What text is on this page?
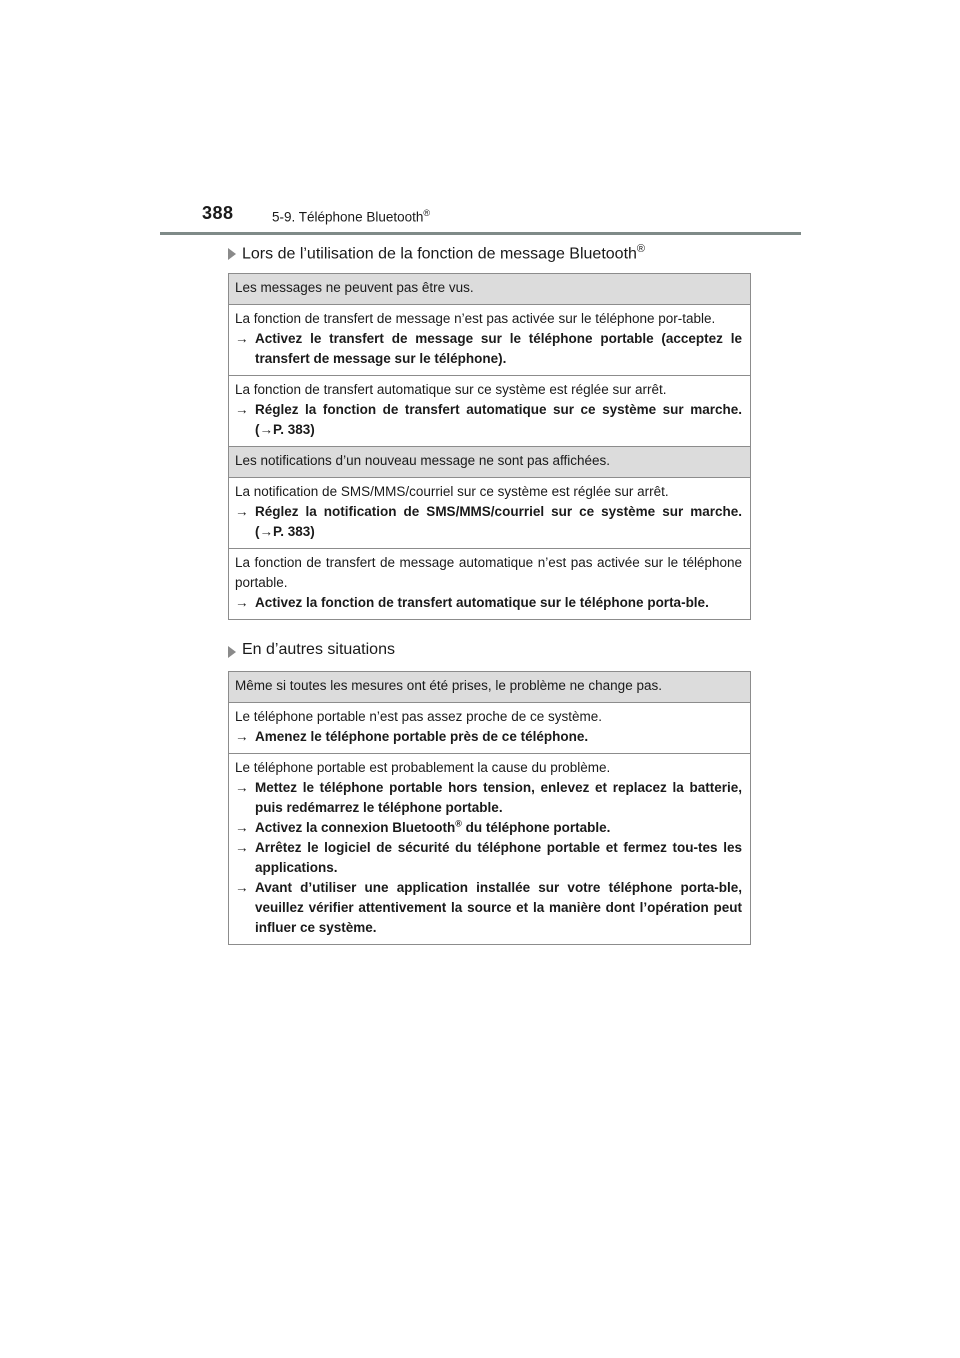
388	5-9. Téléphone Bluetooth®
Lors de l’utilisation de la fonction de message Bluetooth®
Les messages ne peuvent pas être vus.

La fonction de transfert de message n’est pas activée sur le téléphone por-table.
→ Activez le transfert de message sur le téléphone portable (acceptez le transfert de message sur le téléphone).

La fonction de transfert automatique sur ce système est réglée sur arrêt.
→ Réglez la fonction de transfert automatique sur ce système sur marche. (→P. 383)

Les notifications d’un nouveau message ne sont pas affichées.

La notification de SMS/MMS/courriel sur ce système est réglée sur arrêt.
→ Réglez la notification de SMS/MMS/courriel sur ce système sur marche. (→P. 383)

La fonction de transfert de message automatique n’est pas activée sur le téléphone portable.
→ Activez la fonction de transfert automatique sur le téléphone porta-ble.
En d’autres situations
Même si toutes les mesures ont été prises, le problème ne change pas.

Le téléphone portable n’est pas assez proche de ce système.
→ Amenez le téléphone portable près de ce téléphone.

Le téléphone portable est probablement la cause du problème.
→ Mettez le téléphone portable hors tension, enlevez et replacez la batterie, puis redémarrez le téléphone portable.
→ Activez la connexion Bluetooth® du téléphone portable.
→ Arrêtez le logiciel de sécurité du téléphone portable et fermez tou-tes les applications.
→ Avant d’utiliser une application installée sur votre téléphone porta-ble, veuillez vérifier attentivement la source et la manière dont l’opération peut influer ce système.
